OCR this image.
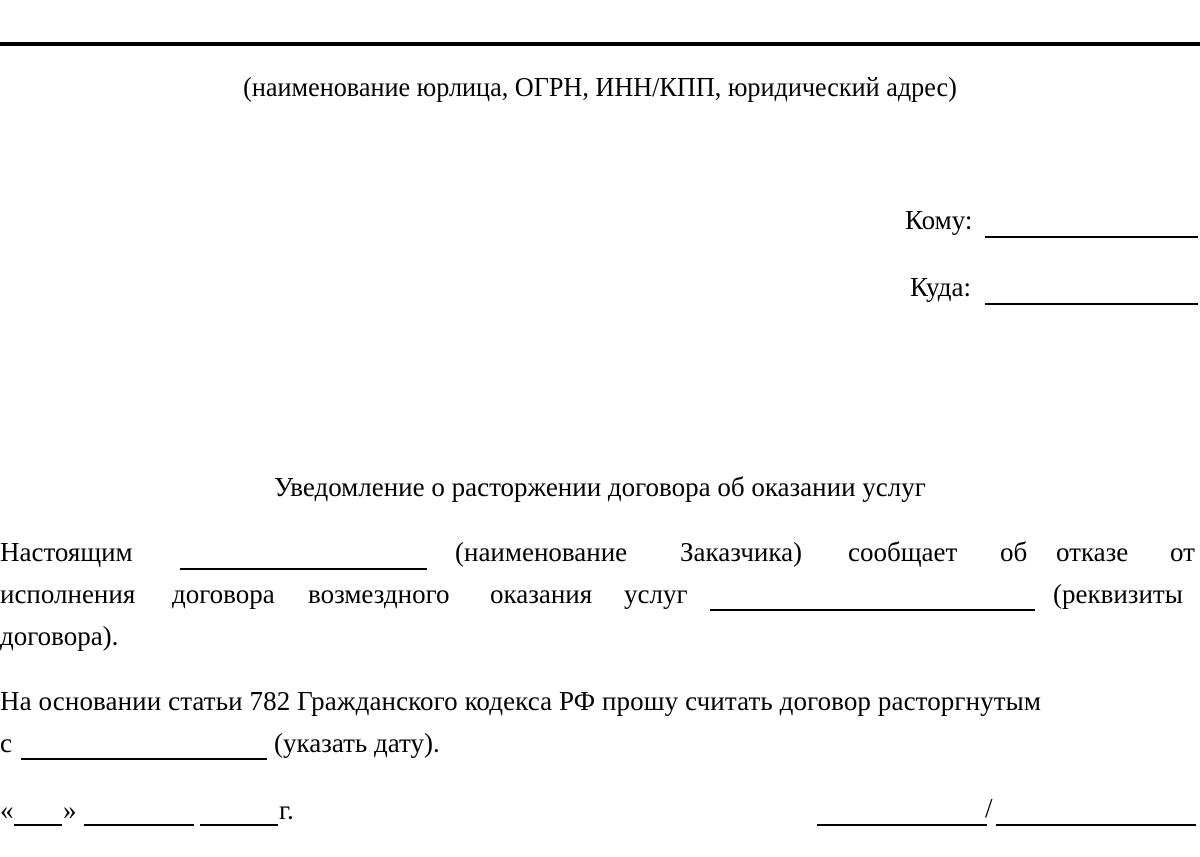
(наименование юрлица, ОГРН, ИНН/КПП, юридический адрес)
Кому:
Куда:
Уведомление о расторжении договора об оказании услуг
Настоящим	(наименование Заказчика) сообщает об отказе от
исполнения договора возмездного оказания услуг	(реквизиты
договора).
На основании статьи 782 Гражданского кодекса РФ прошу считать договор расторгнутым
с	(указать дату).
« »	г.	/
